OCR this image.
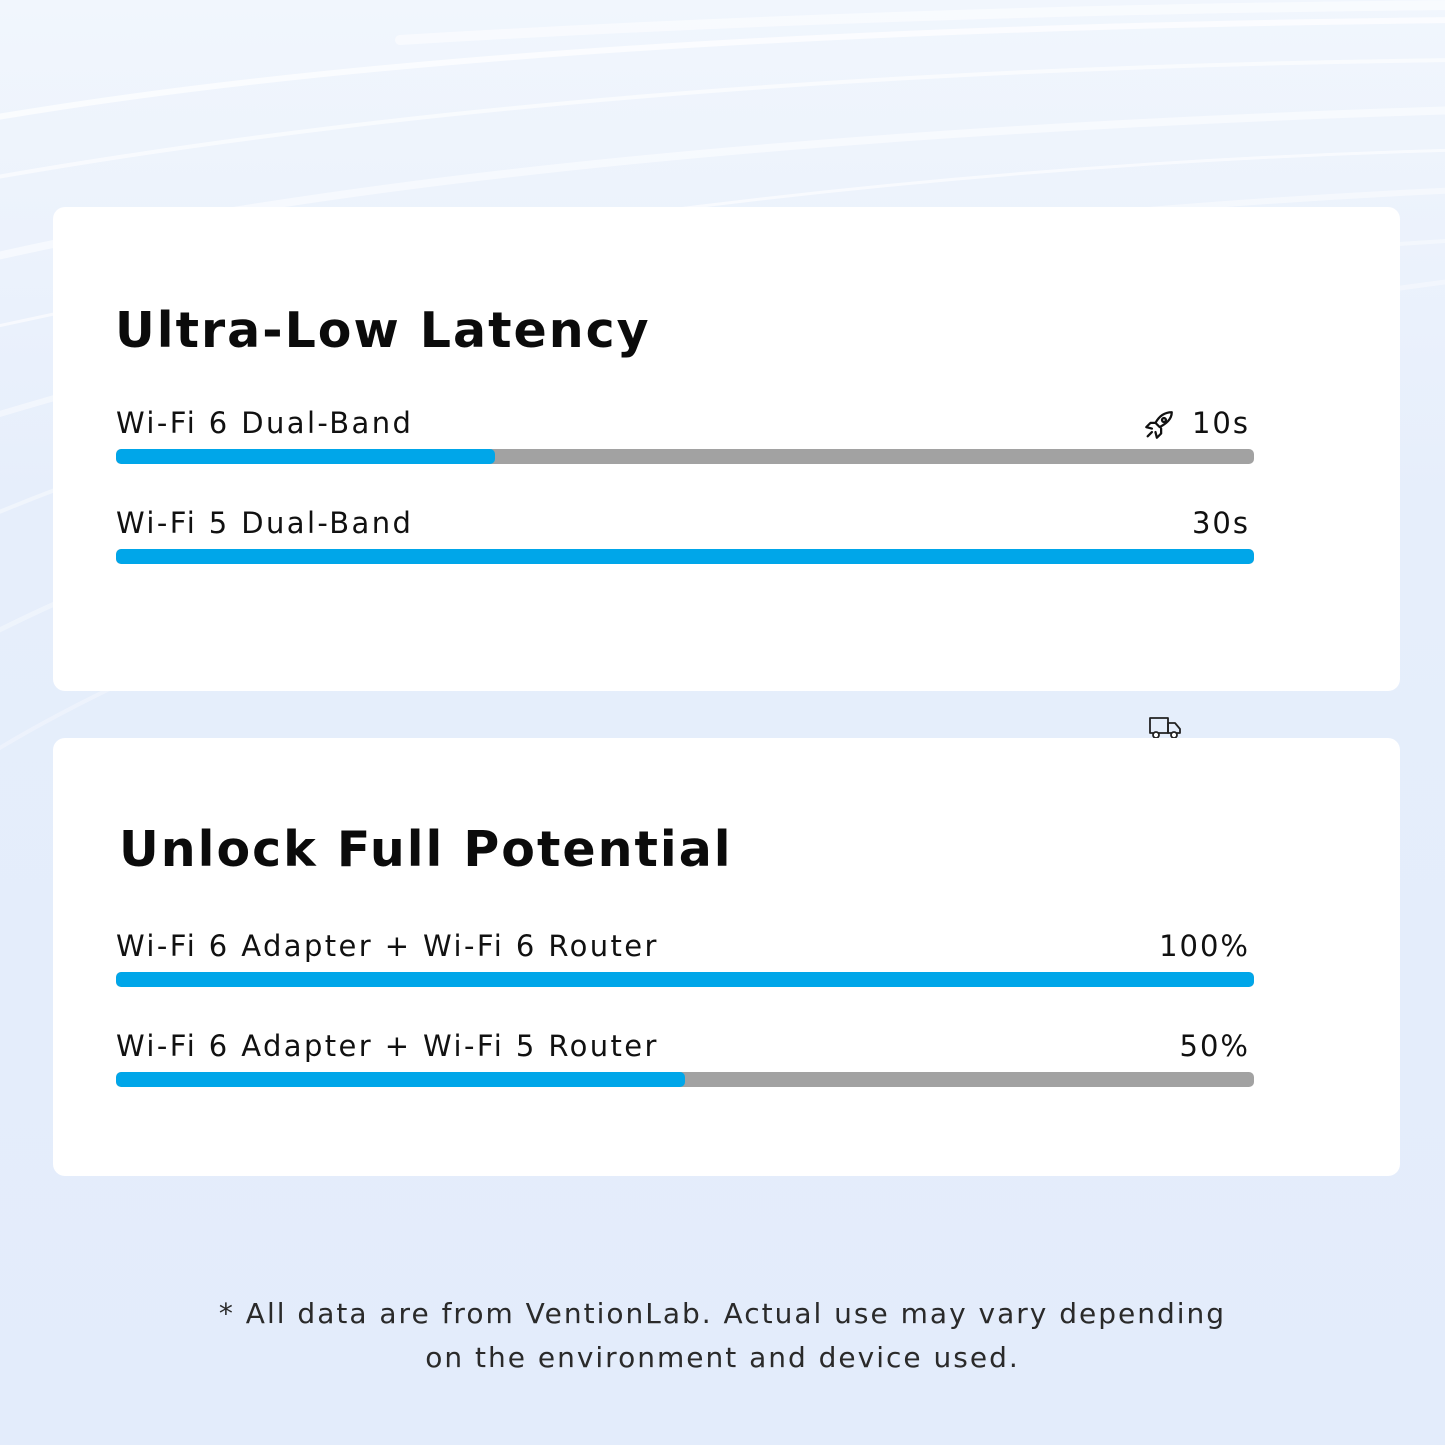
Ultra-Low Latency
Wi-Fi 6 Dual-Band	10s
Wi-Fi 5 Dual-Band	30s
Unlock Full Potential
Wi-Fi 6 Adapter + Wi-Fi 6 Router	100%
Wi-Fi 6 Adapter + Wi-Fi 5 Router	50%
* All data are from VentionLab. Actual use may vary depending
on the environment and device used.
